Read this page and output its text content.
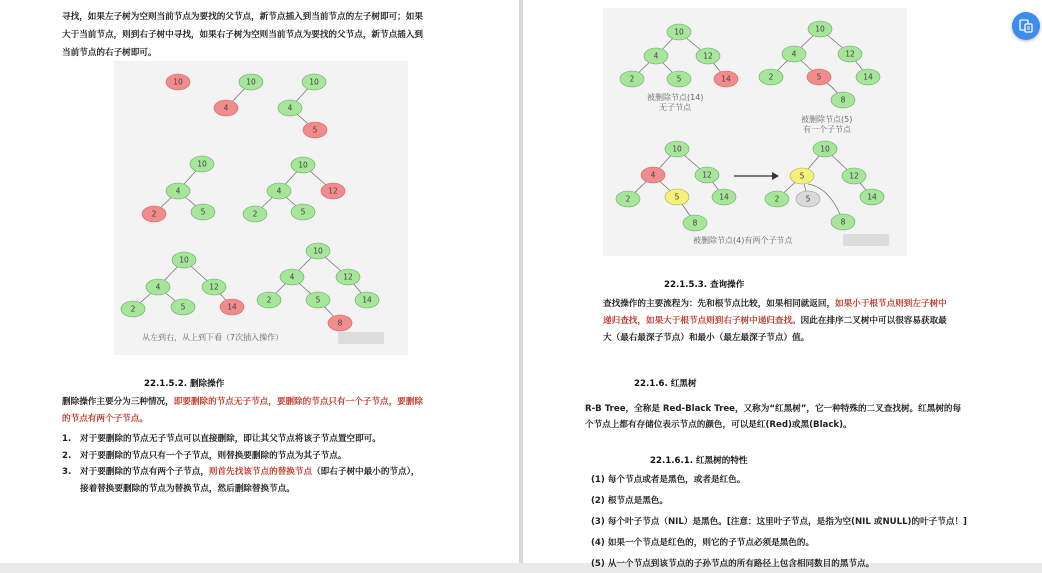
寻找，如果左子树为空则当前节点为要找的父节点，新节点插入到当前节点的左子树即可；如果
大于当前节点，则到右子树中寻找，如果右子树为空则当前节点为要找的父节点，新节点插入到
当前节点的右子树即可。
10	10
4
10
4
5
10
4
2	5
10
4	12
2	5
10
4	12
2	5	14
10
4	12
2	5	14
8
从左到右，从上到下看（7次插入操作）
22.1.5.2. 删除操作
删除操作主要分为三种情况，即要删除的节点无子节点，要删除的节点只有一个子节点，要删除
的节点有两个子节点。
1. 对于要删除的节点无子节点可以直接删除，即让其父节点将该子节点置空即可。
2. 对于要删除的节点只有一个子节点，则替换要删除的节点为其子节点。
3. 对于要删除的节点有两个子节点，则首先找该节点的替换节点（即右子树中最小的节点），
接着替换要删除的节点为替换节点，然后删除替换节点。
10
4	12
2	5	14
10
4	12
2	5	14
8
10
4	12
2	5	14
8
10
5	12
2	5	14
8
被删除节点(14)
无子节点
被删除节点(5)
有一个子节点
被删除节点(4)有两个子节点
22.1.5.3. 查询操作
查找操作的主要流程为：先和根节点比较，如果相同就返回，如果小于根节点则到左子树中
递归查找，如果大于根节点则到右子树中递归查找。因此在排序二叉树中可以很容易获取最
大（最右最深子节点）和最小（最左最深子节点）值。
22.1.6. 红黑树
R-B Tree，全称是 Red-Black Tree，又称为“红黑树”，它一种特殊的二叉查找树。红黑树的每
个节点上都有存储位表示节点的颜色，可以是红(Red)或黑(Black)。
22.1.6.1. 红黑树的特性
(1) 每个节点或者是黑色，或者是红色。
(2) 根节点是黑色。
(3) 每个叶子节点（NIL）是黑色。[注意：这里叶子节点，是指为空(NIL 或NULL)的叶子节点！]
(4) 如果一个节点是红色的，则它的子节点必须是黑色的。
(5) 从一个节点到该节点的子孙节点的所有路径上包含相同数目的黑节点。
